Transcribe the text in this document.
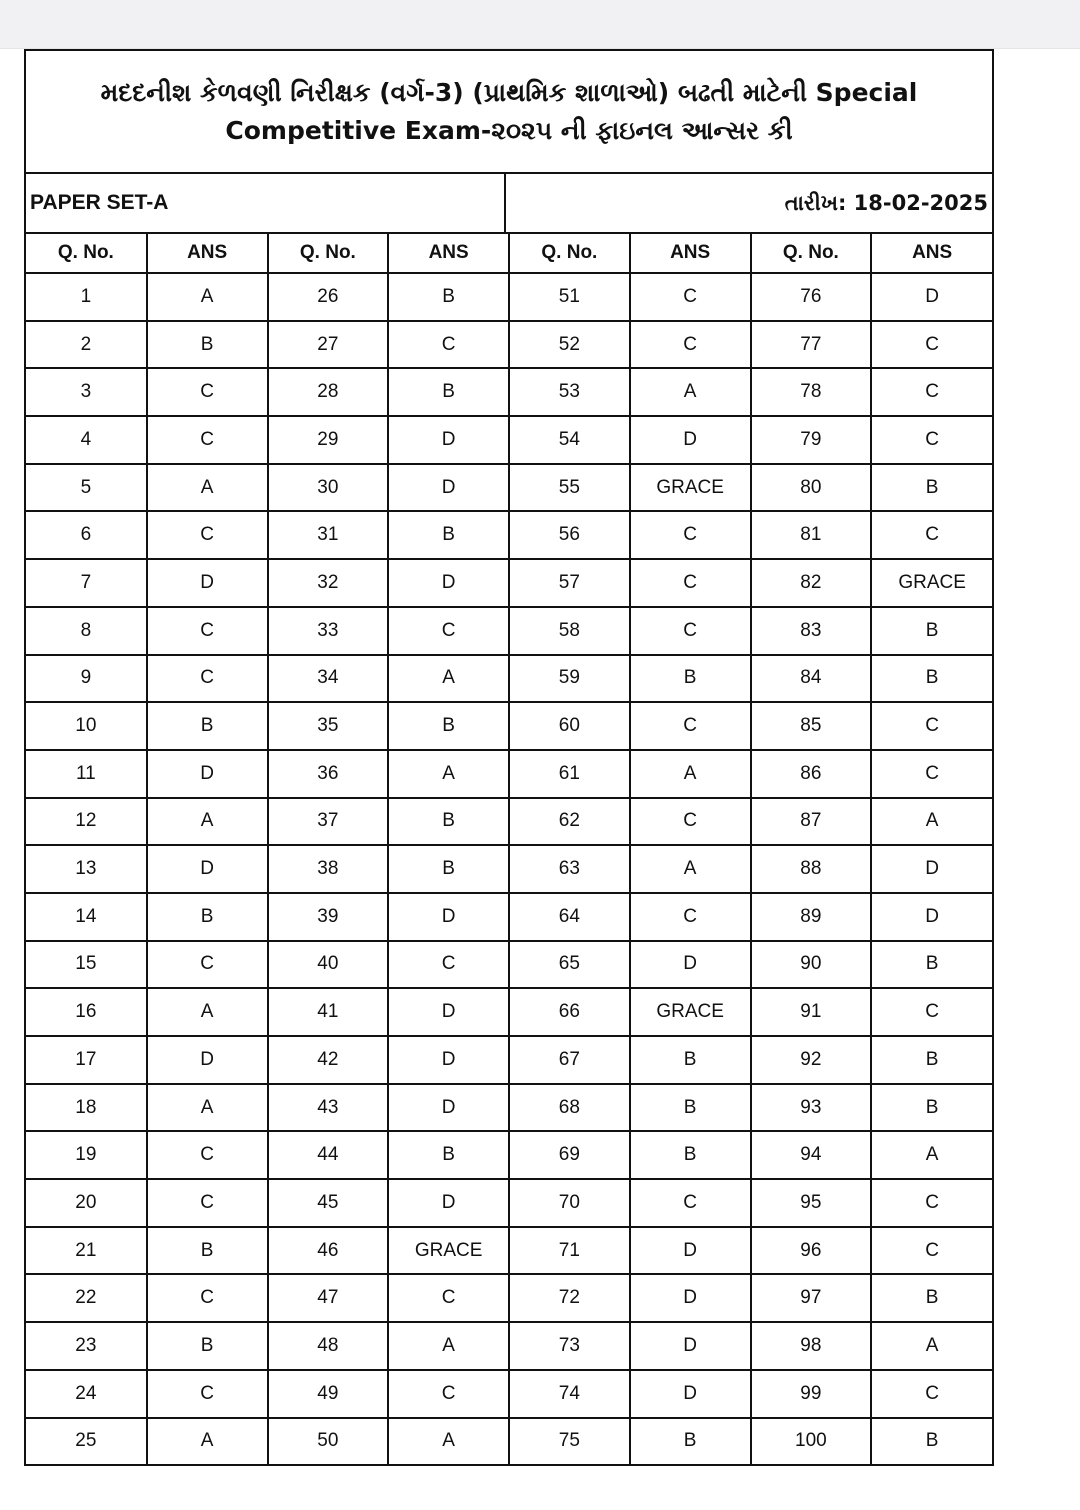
મદદનીશ કેળવણી નિરીક્ષક (વર્ગ-3) (પ્રાથમિક શાળાઓ) બઢતી માટેની Special
Competitive Exam-૨૦૨૫ ની ફાઇનલ આન્સર કી
PAPER SET-A	તારીખ: 18-02-2025
Q. No.	ANS	Q. No.	ANS	Q. No.	ANS	Q. No.	ANS
1	A	26	B	51	C	76	D
2	B	27	C	52	C	77	C
3	C	28	B	53	A	78	C
4	C	29	D	54	D	79	C
5	A	30	D	55	GRACE	80	B
6	C	31	B	56	C	81	C
7	D	32	D	57	C	82	GRACE
8	C	33	C	58	C	83	B
9	C	34	A	59	B	84	B
10	B	35	B	60	C	85	C
11	D	36	A	61	A	86	C
12	A	37	B	62	C	87	A
13	D	38	B	63	A	88	D
14	B	39	D	64	C	89	D
15	C	40	C	65	D	90	B
16	A	41	D	66	GRACE	91	C
17	D	42	D	67	B	92	B
18	A	43	D	68	B	93	B
19	C	44	B	69	B	94	A
20	C	45	D	70	C	95	C
21	B	46	GRACE	71	D	96	C
22	C	47	C	72	D	97	B
23	B	48	A	73	D	98	A
24	C	49	C	74	D	99	C
25	A	50	A	75	B	100	B
